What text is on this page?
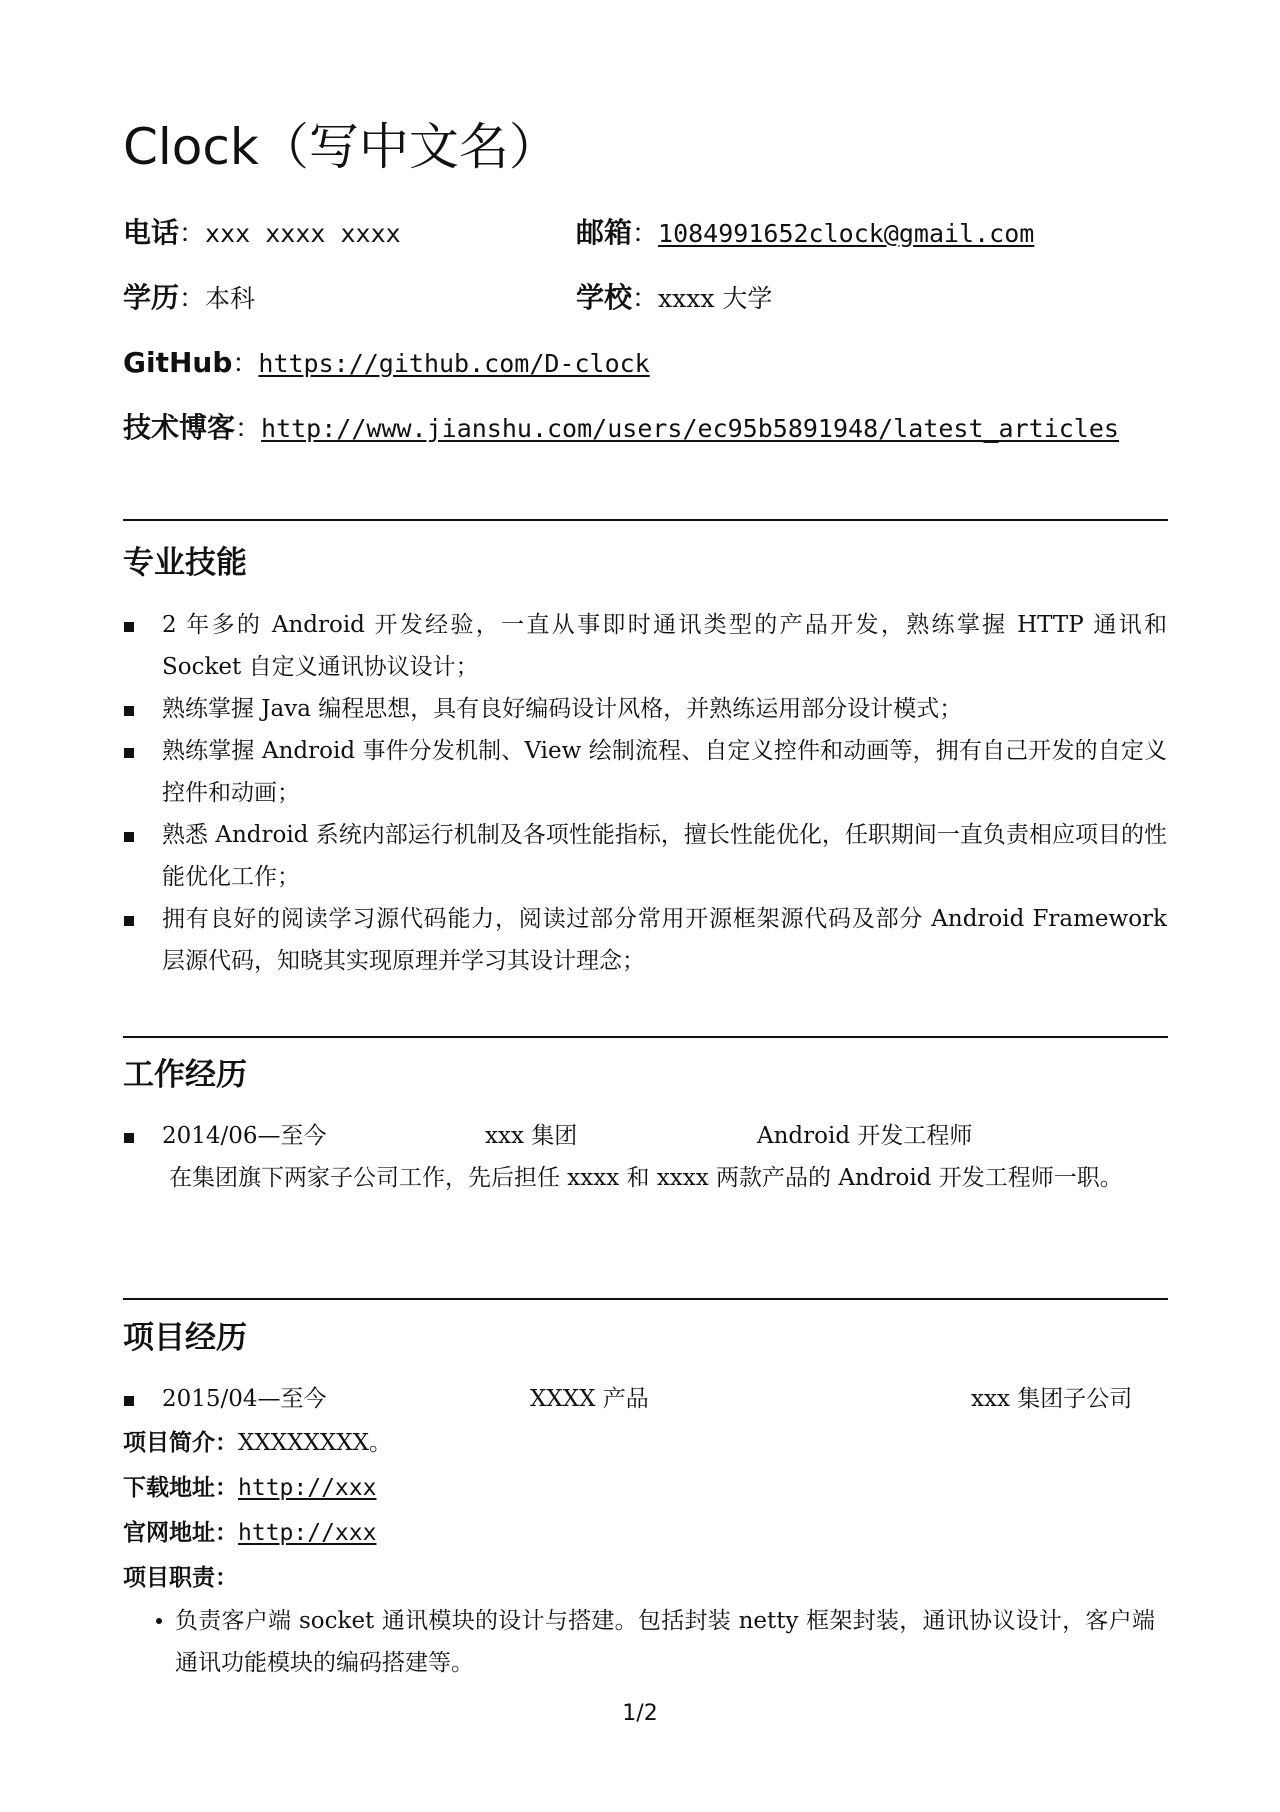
Clock（写中文名）
电话：xxx xxxx xxxx	邮箱：1084991652clock@gmail.com
学历：本科	学校：xxxx 大学
GitHub：https://github.com/D-clock
技术博客：http://www.jianshu.com/users/ec95b5891948/latest_articles
专业技能
2 年多的 Android 开发经验，一直从事即时通讯类型的产品开发，熟练掌握 HTTP 通讯和 Socket 自定义通讯协议设计；
熟练掌握 Java 编程思想，具有良好编码设计风格，并熟练运用部分设计模式；
熟练掌握 Android 事件分发机制、View 绘制流程、自定义控件和动画等，拥有自己开发的自定义控件和动画；
熟悉 Android 系统内部运行机制及各项性能指标，擅长性能优化，任职期间一直负责相应项目的性能优化工作；
拥有良好的阅读学习源代码能力，阅读过部分常用开源框架源代码及部分 Android Framework 层源代码，知晓其实现原理并学习其设计理念；
工作经历
2014/06—至今	xxx 集团	Android 开发工程师
在集团旗下两家子公司工作，先后担任 xxxx 和 xxxx 两款产品的 Android 开发工程师一职。
项目经历
2015/04—至今	XXXX 产品	xxx 集团子公司
项目简介：XXXXXXXX。
下载地址：http://xxx
官网地址：http://xxx
项目职责：
负责客户端 socket 通讯模块的设计与搭建。包括封装 netty 框架封装，通讯协议设计，客户端通讯功能模块的编码搭建等。
1/2
